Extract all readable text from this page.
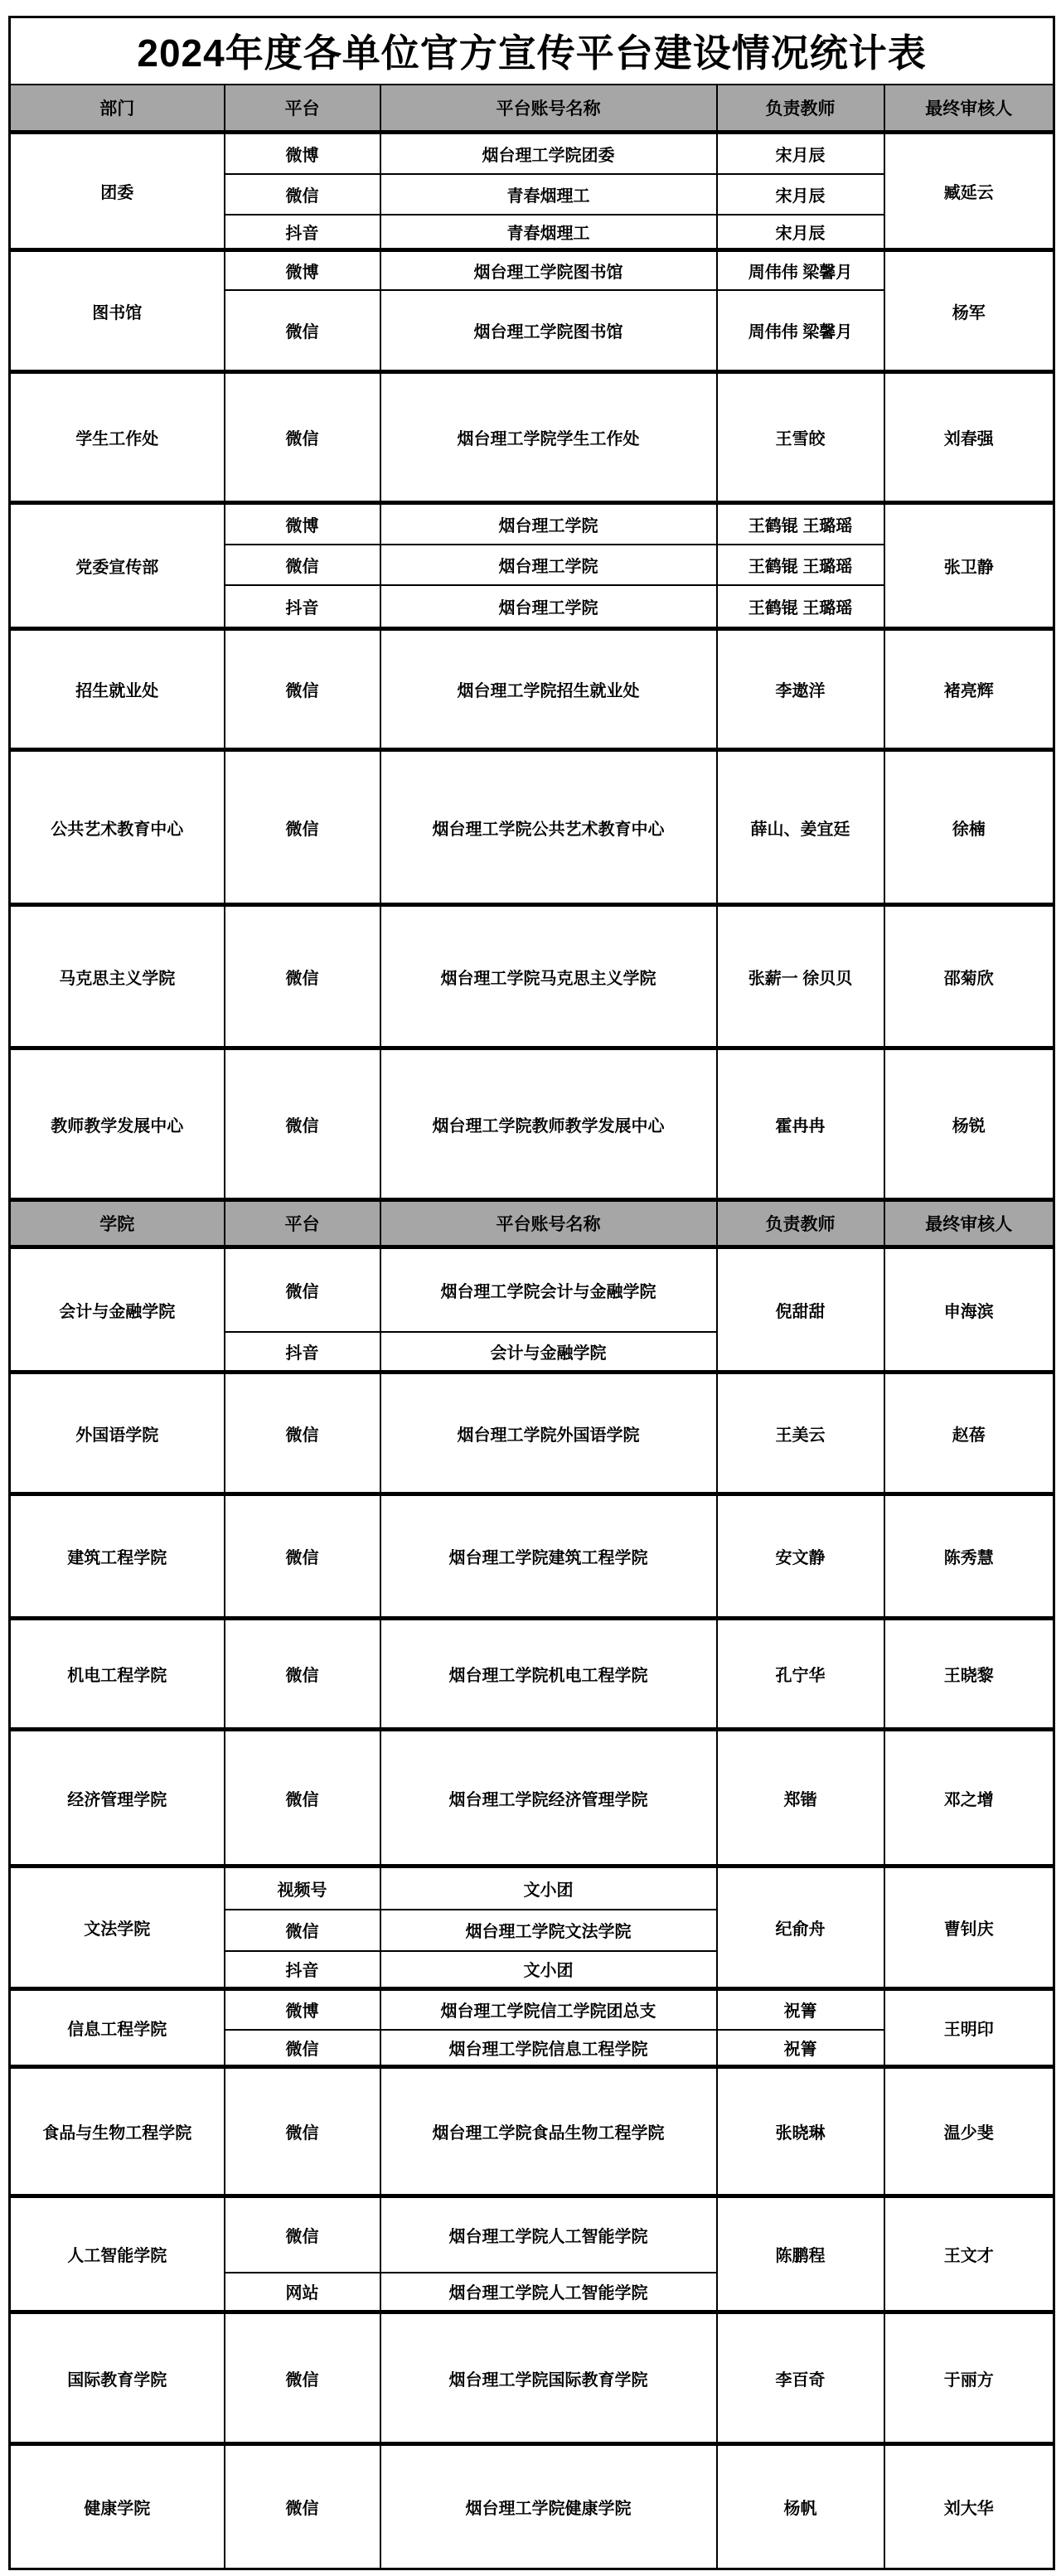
2024年度各单位官方宣传平台建设情况统计表				
部门	平台	平台账号名称	负责教师	最终审核人
团委	微博	烟台理工学院团委	宋月辰	臧延云
	微信	青春烟理工	宋月辰	
	抖音	青春烟理工	宋月辰	
图书馆	微博	烟台理工学院图书馆	周伟伟 梁馨月	杨军
	微信	烟台理工学院图书馆	周伟伟 梁馨月	
学生工作处	微信	烟台理工学院学生工作处	王雪皎	刘春强
党委宣传部	微博	烟台理工学院	王鹤锟 王璐瑶	张卫静
	微信	烟台理工学院	王鹤锟 王璐瑶	
	抖音	烟台理工学院	王鹤锟 王璐瑶	
招生就业处	微信	烟台理工学院招生就业处	李遨洋	褚亮辉
公共艺术教育中心	微信	烟台理工学院公共艺术教育中心	薛山、姜宜廷	徐楠
马克思主义学院	微信	烟台理工学院马克思主义学院	张薪一 徐贝贝	邵菊欣
教师教学发展中心	微信	烟台理工学院教师教学发展中心	霍冉冉	杨锐
学院	平台	平台账号名称	负责教师	最终审核人
会计与金融学院	微信	烟台理工学院会计与金融学院	倪甜甜	申海滨
	抖音	会计与金融学院		
外国语学院	微信	烟台理工学院外国语学院	王美云	赵蓓
建筑工程学院	微信	烟台理工学院建筑工程学院	安文静	陈秀慧
机电工程学院	微信	烟台理工学院机电工程学院	孔宁华	王晓黎
经济管理学院	微信	烟台理工学院经济管理学院	郑锴	邓之增
文法学院	视频号	文小团	纪俞舟	曹钊庆
	微信	烟台理工学院文法学院		
	抖音	文小团		
信息工程学院	微博	烟台理工学院信工学院团总支	祝箐	王明印
	微信	烟台理工学院信息工程学院	祝箐	
食品与生物工程学院	微信	烟台理工学院食品生物工程学院	张晓琳	温少斐
人工智能学院	微信	烟台理工学院人工智能学院	陈鹏程	王文才
	网站	烟台理工学院人工智能学院		
国际教育学院	微信	烟台理工学院国际教育学院	李百奇	于丽方
健康学院	微信	烟台理工学院健康学院	杨帆	刘大华
